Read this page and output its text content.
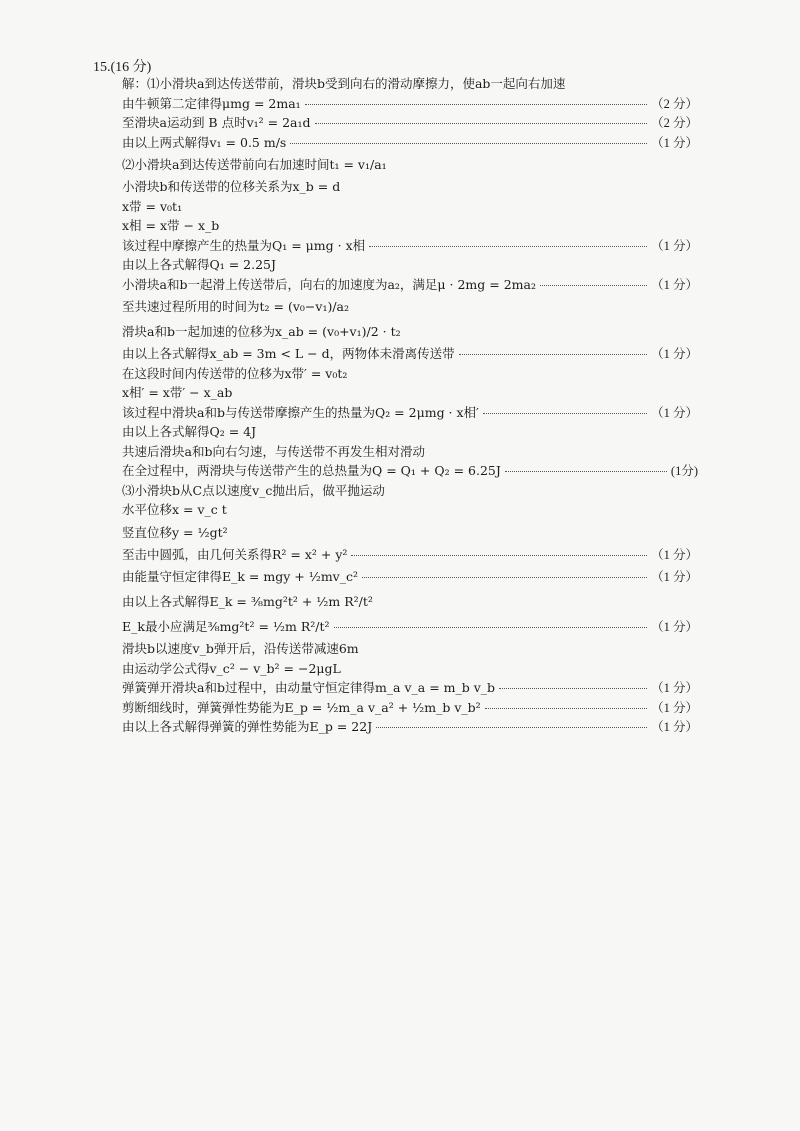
15.(16 分)
解：⑴小滑块a到达传送带前，滑块b受到向右的滑动摩擦力，使ab一起向右加速
由牛顿第二定律得μmg = 2ma₁	（2 分）
至滑块a运动到 B 点时v₁² = 2a₁d	（2 分）
由以上两式解得v₁ = 0.5 m/s	（1 分）
⑵小滑块a到达传送带前向右加速时间t₁ = v₁/a₁
小滑块b和传送带的位移关系为x_b = d
x带 = v₀t₁
x相 = x带 − x_b
该过程中摩擦产生的热量为Q₁ = μmg · x相	（1 分）
由以上各式解得Q₁ = 2.25J
小滑块a和b一起滑上传送带后，向右的加速度为a₂，满足μ · 2mg = 2ma₂	（1 分）
至共速过程所用的时间为t₂ = (v₀−v₁)/a₂
滑块a和b一起加速的位移为x_ab = (v₀+v₁)/2 · t₂
由以上各式解得x_ab = 3m < L − d，两物体未滑离传送带	（1 分）
在这段时间内传送带的位移为x带′ = v₀t₂
x相′ = x带′ − x_ab
该过程中滑块a和b与传送带摩擦产生的热量为Q₂ = 2μmg · x相′	（1 分）
由以上各式解得Q₂ = 4J
共速后滑块a和b向右匀速，与传送带不再发生相对滑动
在全过程中，两滑块与传送带产生的总热量为Q = Q₁ + Q₂ = 6.25J	(1分)
⑶小滑块b从C点以速度v_c抛出后，做平抛运动
水平位移x = v_c t
竖直位移y = ½gt²
至击中圆弧，由几何关系得R² = x² + y²	（1 分）
由能量守恒定律得E_k = mgy + ½mv_c²	（1 分）
由以上各式解得E_k = ⅜mg²t² + ½m R²/t²
E_k最小应满足⅜mg²t² = ½m R²/t²	（1 分）
滑块b以速度v_b弹开后，沿传送带减速6m
由运动学公式得v_c² − v_b² = −2μgL
弹簧弹开滑块a和b过程中，由动量守恒定律得m_a v_a = m_b v_b	（1 分）
剪断细线时，弹簧弹性势能为E_p = ½m_a v_a² + ½m_b v_b²	（1 分）
由以上各式解得弹簧的弹性势能为E_p = 22J	（1 分）
